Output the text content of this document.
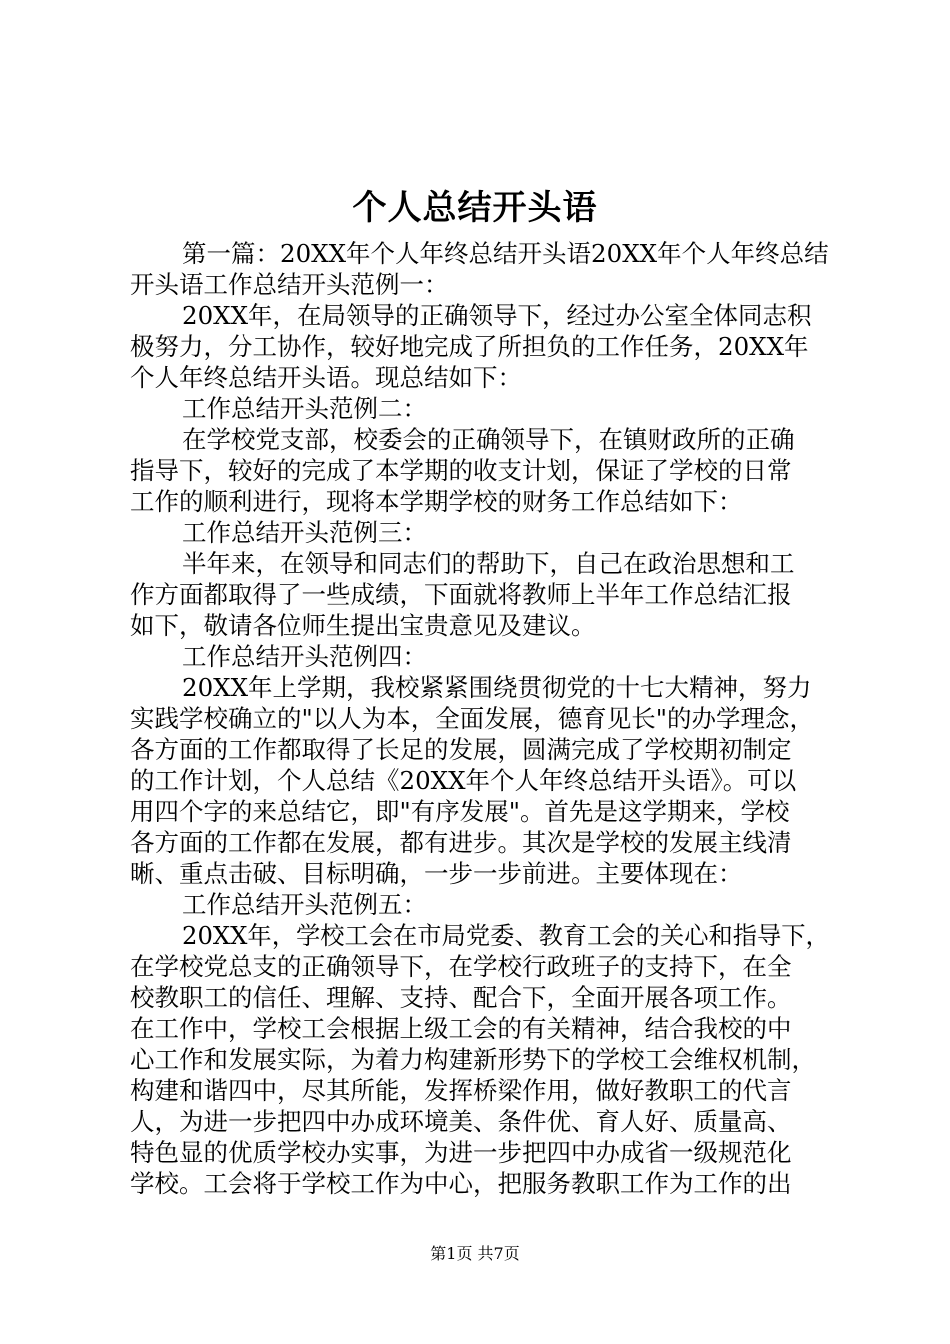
个人总结开头语
第一篇：20XX年个人年终总结开头语20XX年个人年终总结
开头语工作总结开头范例一：
20XX年，在局领导的正确领导下，经过办公室全体同志积
极努力，分工协作，较好地完成了所担负的工作任务，20XX年
个人年终总结开头语。现总结如下：
工作总结开头范例二：
在学校党支部，校委会的正确领导下，在镇财政所的正确
指导下，较好的完成了本学期的收支计划，保证了学校的日常
工作的顺利进行，现将本学期学校的财务工作总结如下：
工作总结开头范例三：
半年来，在领导和同志们的帮助下，自己在政治思想和工
作方面都取得了一些成绩，下面就将教师上半年工作总结汇报
如下，敬请各位师生提出宝贵意见及建议。
工作总结开头范例四：
20XX年上学期，我校紧紧围绕贯彻党的十七大精神，努力
实践学校确立的"以人为本，全面发展，德育见长"的办学理念，
各方面的工作都取得了长足的发展，圆满完成了学校期初制定
的工作计划，个人总结《20XX年个人年终总结开头语》。可以
用四个字的来总结它，即"有序发展"。首先是这学期来，学校
各方面的工作都在发展，都有进步。其次是学校的发展主线清
晰、重点击破、目标明确，一步一步前进。主要体现在：
工作总结开头范例五：
20XX年，学校工会在市局党委、教育工会的关心和指导下，
在学校党总支的正确领导下，在学校行政班子的支持下，在全
校教职工的信任、理解、支持、配合下，全面开展各项工作。
在工作中，学校工会根据上级工会的有关精神，结合我校的中
心工作和发展实际，为着力构建新形势下的学校工会维权机制，
构建和谐四中，尽其所能，发挥桥梁作用，做好教职工的代言
人，为进一步把四中办成环境美、条件优、育人好、质量高、
特色显的优质学校办实事，为进一步把四中办成省一级规范化
学校。工会将于学校工作为中心，把服务教职工作为工作的出
第1页 共7页
